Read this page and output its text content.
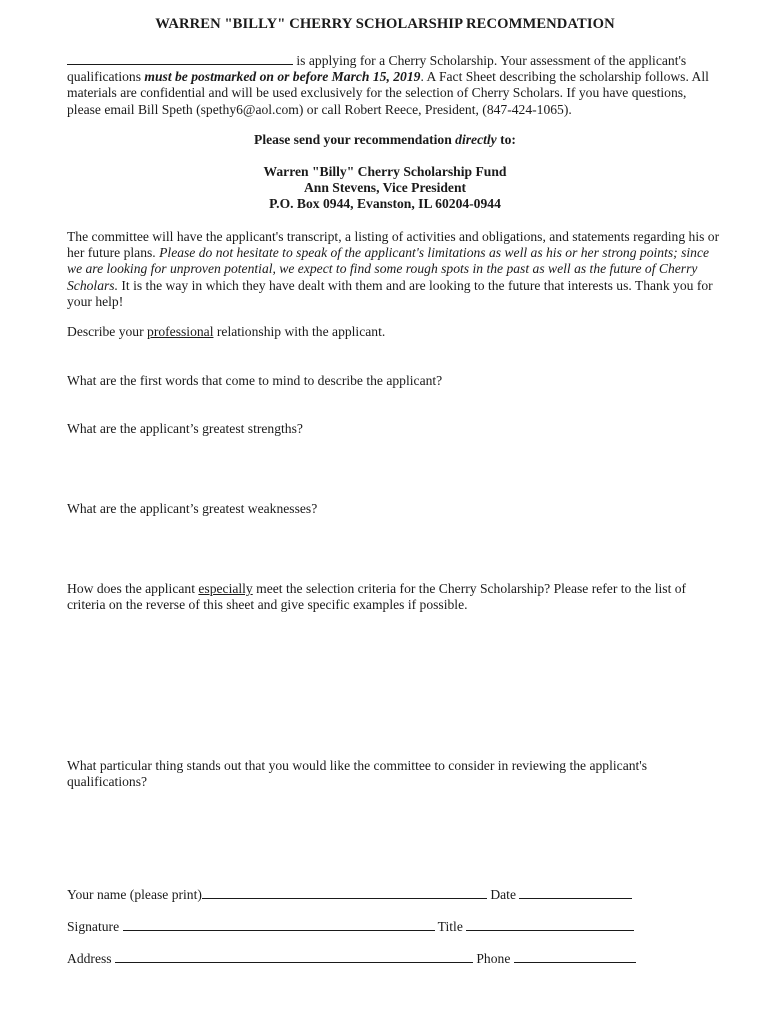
WARREN "BILLY" CHERRY SCHOLARSHIP RECOMMENDATION
is applying for a Cherry Scholarship. Your assessment of the applicant's qualifications must be postmarked on or before March 15, 2019. A Fact Sheet describing the scholarship follows. All materials are confidential and will be used exclusively for the selection of Cherry Scholars. If you have questions, please email Bill Speth (spethy6@aol.com) or call Robert Reece, President, (847-424-1065).
Please send your recommendation directly to:
Warren "Billy" Cherry Scholarship Fund
Ann Stevens, Vice President
P.O. Box 0944, Evanston, IL 60204-0944
The committee will have the applicant's transcript, a listing of activities and obligations, and statements regarding his or her future plans. Please do not hesitate to speak of the applicant's limitations as well as his or her strong points; since we are looking for unproven potential, we expect to find some rough spots in the past as well as the future of Cherry Scholars. It is the way in which they have dealt with them and are looking to the future that interests us. Thank you for your help!
Describe your professional relationship with the applicant.
What are the first words that come to mind to describe the applicant?
What are the applicant’s greatest strengths?
What are the applicant’s greatest weaknesses?
How does the applicant especially meet the selection criteria for the Cherry Scholarship? Please refer to the list of criteria on the reverse of this sheet and give specific examples if possible.
What particular thing stands out that you would like the committee to consider in reviewing the applicant's qualifications?
Your name (please print)	Date
Signature	Title
Address	Phone
